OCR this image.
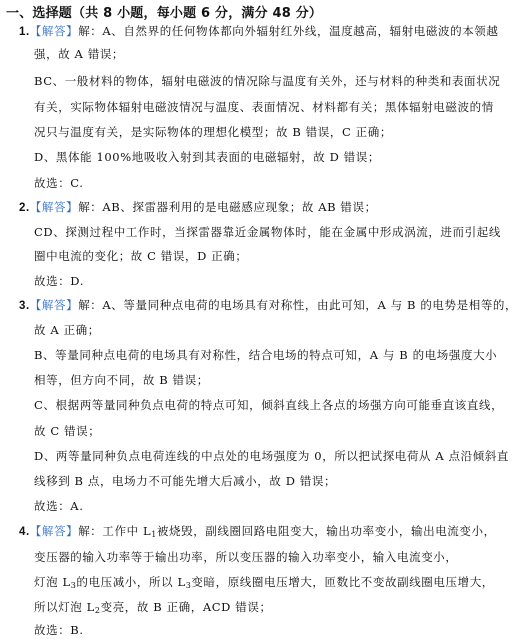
一、选择题（共 8 小题，每小题 6 分，满分 48 分）
1.【解答】解：A、自然界的任何物体都向外辐射红外线，温度越高，辐射电磁波的本领越
强，故 A 错误；
BC、一般材料的物体，辐射电磁波的情况除与温度有关外，还与材料的种类和表面状况
有关，实际物体辐射电磁波情况与温度、表面情况、材料都有关；黑体辐射电磁波的情
况只与温度有关，是实际物体的理想化模型；故 B 错误，C 正确；
D、黑体能 100%地吸收入射到其表面的电磁辐射，故 D 错误；
故选：C.
2.【解答】解：AB、探雷器利用的是电磁感应现象；故 AB 错误；
CD、探测过程中工作时，当探雷器靠近金属物体时，能在金属中形成涡流，进而引起线
圈中电流的变化；故 C 错误，D 正确；
故选：D.
3.【解答】解：A、等量同种点电荷的电场具有对称性，由此可知，A 与 B 的电势是相等的，
故 A 正确；
B、等量同种点电荷的电场具有对称性，结合电场的特点可知，A 与 B 的电场强度大小
相等，但方向不同，故 B 错误；
C、根据两等量同种负点电荷的特点可知，倾斜直线上各点的场强方向可能垂直该直线，
故 C 错误；
D、两等量同种负点电荷连线的中点处的电场强度为 0，所以把试探电荷从 A 点沿倾斜直
线移到 B 点，电场力不可能先增大后减小，故 D 错误；
故选：A.
4.【解答】解：工作中 $L_1$被烧毁，副线圈回路电阻变大，输出功率变小，输出电流变小，
变压器的输入功率等于输出功率，所以变压器的输入功率变小，输入电流变小，
灯泡 $L_3$的电压减小，所以 $L_3$变暗，原线圈电压增大，匝数比不变故副线圈电压增大，
所以灯泡 $L_2$变亮，故 B 正确，ACD 错误；
故选：B.
